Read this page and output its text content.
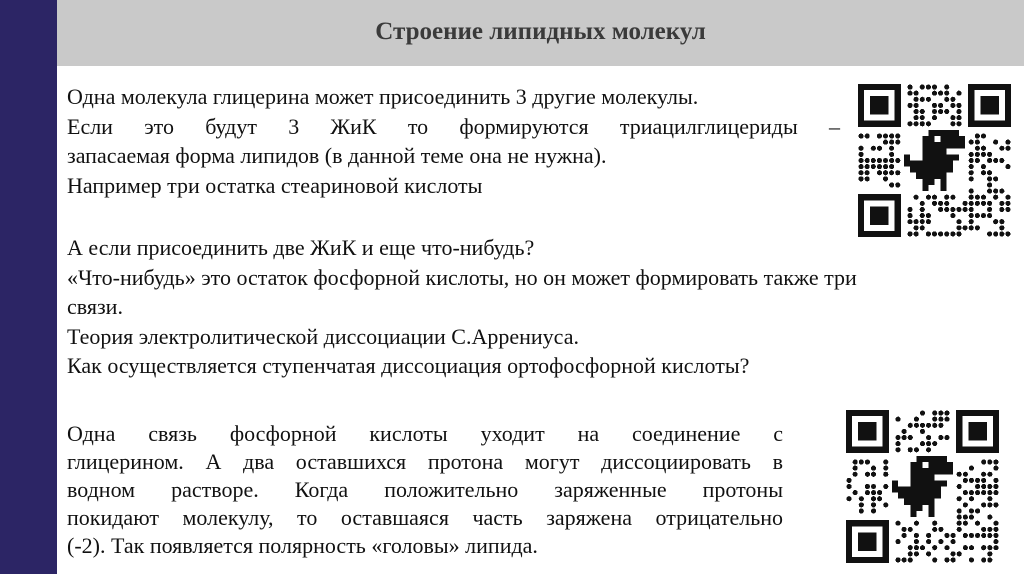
Строение липидных молекул

Одна молекула глицерина может присоединить 3 другие молекулы.

Если это будут 3 ЖиК то формируются триацилглицериды –

запасаемая форма липидов (в данной теме она не нужна).

Например три остатка стеариновой кислоты

А если присоединить две ЖиК и еще что-нибудь?

«Что-нибудь» это остаток фосфорной кислоты, но он может формировать также три

связи.

Теория электролитической диссоциации С.Аррениуса.

Как осуществляется ступенчатая диссоциация ортофосфорной кислоты?

Одна связь фосфорной кислоты уходит на соединение с

глицерином. А два оставшихся протона могут диссоциировать в

водном растворе. Когда положительно заряженные протоны

покидают молекулу, то оставшаяся часть заряжена отрицательно

(-2). Так появляется полярность «головы» липида.
